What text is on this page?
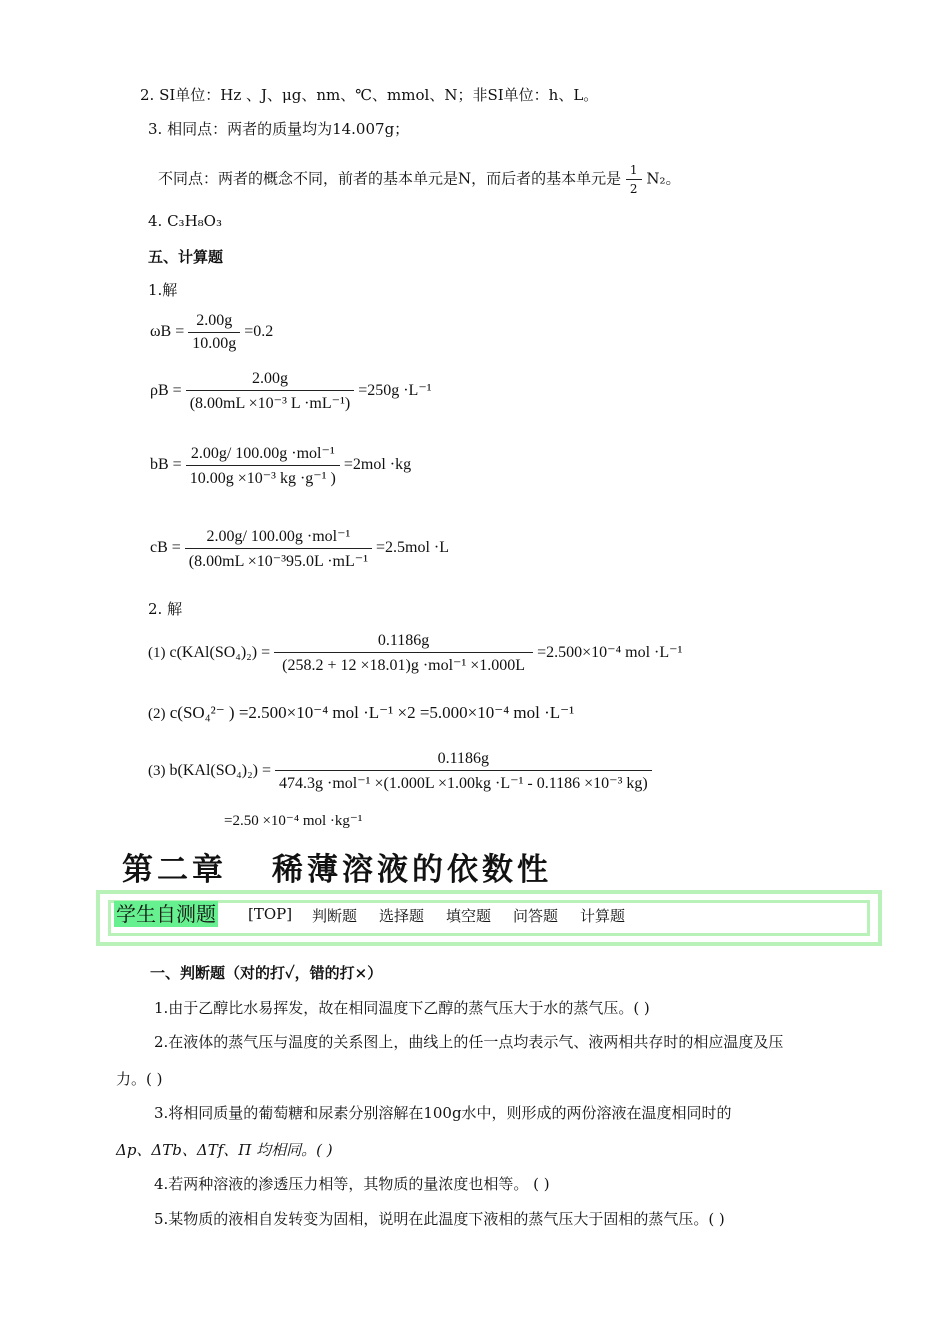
2. SI单位：Hz 、J、μg、nm、℃、mmol、N；非SI单位：h、L。
3. 相同点：两者的质量均为14.007g；
不同点：两者的概念不同，前者的基本单元是N，而后者的基本单元是 $\frac{1}{2} N_2$。
4. C₃H₈O₃
五、计算题
1.解
$\omega B = \frac{2.00g}{10.00g} =0.2$
$\rho B = \frac{2.00g}{\text{(8.00mL ×10⁻³ L ·mL⁻¹)}} =250g \cdot L^{-1}$
bB = $\frac{\text{2.00g/ 100.00g ·mol⁻¹}}{\text{10.00g ×10⁻³ kg ·g⁻¹ )}} =2mol \cdot kg$
cB = $\frac{\text{2.00g/ 100.00g ·mol⁻¹}}{\text{(8.00mL ×10⁻³95.0L ·mL⁻¹}} =2.5mol \cdot L$
2. 解
(1) $c(KAl(SO_4)_2) = \frac{0.1186g}{\text{(258.2 + 12 ×18.01)g ·mol⁻¹ ×1.000L}} =2.500\times 10^{-4}$ mol ·L⁻¹
(2) c(SO₄²⁻ ) =2.500×10⁻⁴ mol ·L⁻¹ ×2 =5.000×10⁻⁴ mol ·L⁻¹
(3) $b(KAl(SO_4)_2) = \frac{0.1186g}{\text{474.3g ·mol⁻¹ ×(1.000L ×1.00kg ·L⁻¹ - 0.1186 ×10⁻³ kg)}}$
=2.50 ×10⁻⁴ mol ·kg⁻¹
第二章 稀薄溶液的依数性
学生自测题 [TOP] 判断题 选择题 填空题 问答题 计算题
一、判断题（对的打✓，错的打×）
1.由于乙醇比水易挥发，故在相同温度下乙醇的蒸气压大于水的蒸气压。( )
2.在液体的蒸气压与温度的关系图上，曲线上的任一点均表示气、液两相共存时的相应温度及压
力。( )
3.将相同质量的葡萄糖和尿素分别溶解在100g水中，则形成的两份溶液在温度相同时的
Δp、ΔTb、ΔTf、Π 均相同。( )
4.若两种溶液的渗透压力相等，其物质的量浓度也相等。 ( )
5.某物质的液相自发转变为固相，说明在此温度下液相的蒸气压大于固相的蒸气压。( )
